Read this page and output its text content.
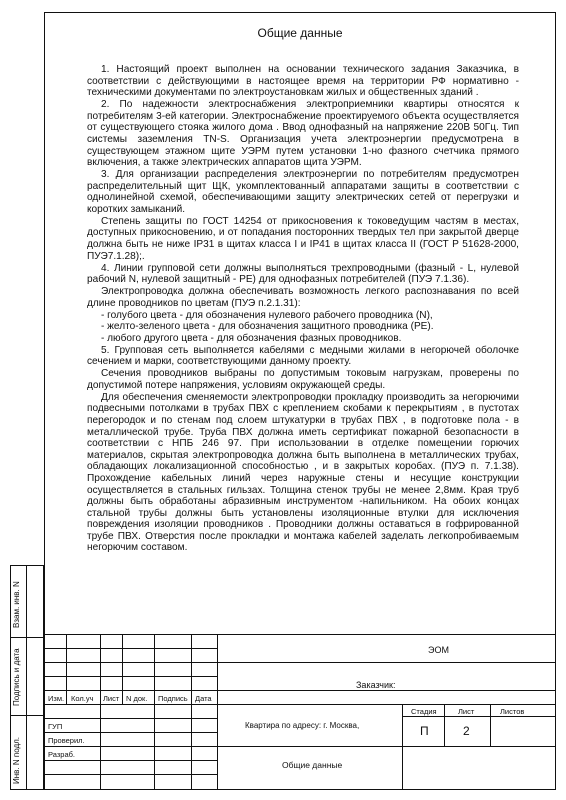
Общие данные

1. Настоящий проект выполнен на основании технического задания Заказчика, в соответствии с действующими в настоящее время на территории РФ нормативно - техническими документами по электроустановкам жилых и общественных зданий .

2. По надежности электроснабжения электроприемники квартиры относятся к потребителям 3-ей категории. Электроснабжение проектируемого объекта осуществляется от существующего стояка жилого дома . Ввод однофазный на напряжение 220В 50Гц. Тип системы заземления TN-S. Организация учета электроэнергии предусмотрена в существующем этажном щите УЭРМ путем установки 1-но фазного счетчика прямого включения, а также электрических аппаратов щита УЭРМ.

3. Для организации распределения электроэнергии по потребителям предусмотрен распределительный щит ЩК, укомплектованный аппаратами защиты в соответствии с однолинейной схемой, обеспечивающими защиту электрических сетей от перегрузки и коротких замыканий.

Степень защиты по ГОСТ 14254 от прикосновения к токоведущим частям в местах, доступных прикосновению, и от попадания посторонних твердых тел при закрытой дверце должна быть не ниже IP31 в щитах класса I и IP41 в щитах класса II (ГОСТ Р 51628-2000, ПУЭ7.1.28);.

4. Линии групповой сети должны выполняться трехпроводными (фазный - L, нулевой рабочий N, нулевой защитный - PE) для однофазных потребителей (ПУЭ 7.1.36).

Электропроводка должна обеспечивать возможность легкого распознавания по всей длине проводников по цветам (ПУЭ п.2.1.31):

- голубого цвета - для обозначения нулевого рабочего проводника (N),

- желто-зеленого цвета - для обозначения защитного проводника (PE).

- любого другого цвета - для обозначения фазных проводников.

5. Групповая сеть выполняется кабелями с медными жилами в негорючей оболочке сечением и марки, соответствующими данному проекту.

Сечения проводников выбраны по допустимым токовым нагрузкам, проверены по допустимой потере напряжения, условиям окружающей среды.

Для обеспечения сменяемости электропроводки прокладку производить за негорючими подвесными потолками в трубах ПВХ с креплением скобами к перекрытиям , в пустотах перегородок и по стенам под слоем штукатурки в трубах ПВХ , в подготовке пола - в металлической трубе. Труба ПВХ должна иметь сертификат пожарной безопасности в соответствии с НПБ 246 97. При использовании в отделке помещении горючих материалов, скрытая электропроводка должна быть выполнена в металлических трубах, обладающих локализационной способностью , и в закрытых коробах. (ПУЭ п. 7.1.38). Прохождение кабельных линий через наружные стены и несущие конструкции осуществляется в стальных гильзах. Толщина стенок трубы не менее 2,8мм. Края труб должны быть обработаны абразивным инструментом -напильником. На обоих концах стальной трубы должны быть установлены изоляционные втулки для исключения повреждения изоляции проводников . Проводники должны оставаться в гофрированной трубе ПВХ. Отверстия после прокладки и монтажа кабелей заделать легкопробиваемым негорючим составом.

Взам. инв. N
Подпись и дата
Инв. N подл.
Изм. Кол.уч Лист N док. Подпись Дата
ГУП
Проверил.
Разраб.
ЭОМ
Заказчик:
Квартира по адресу: г. Москва,
Общие данные
Стадия	Лист	Листов
П	2
